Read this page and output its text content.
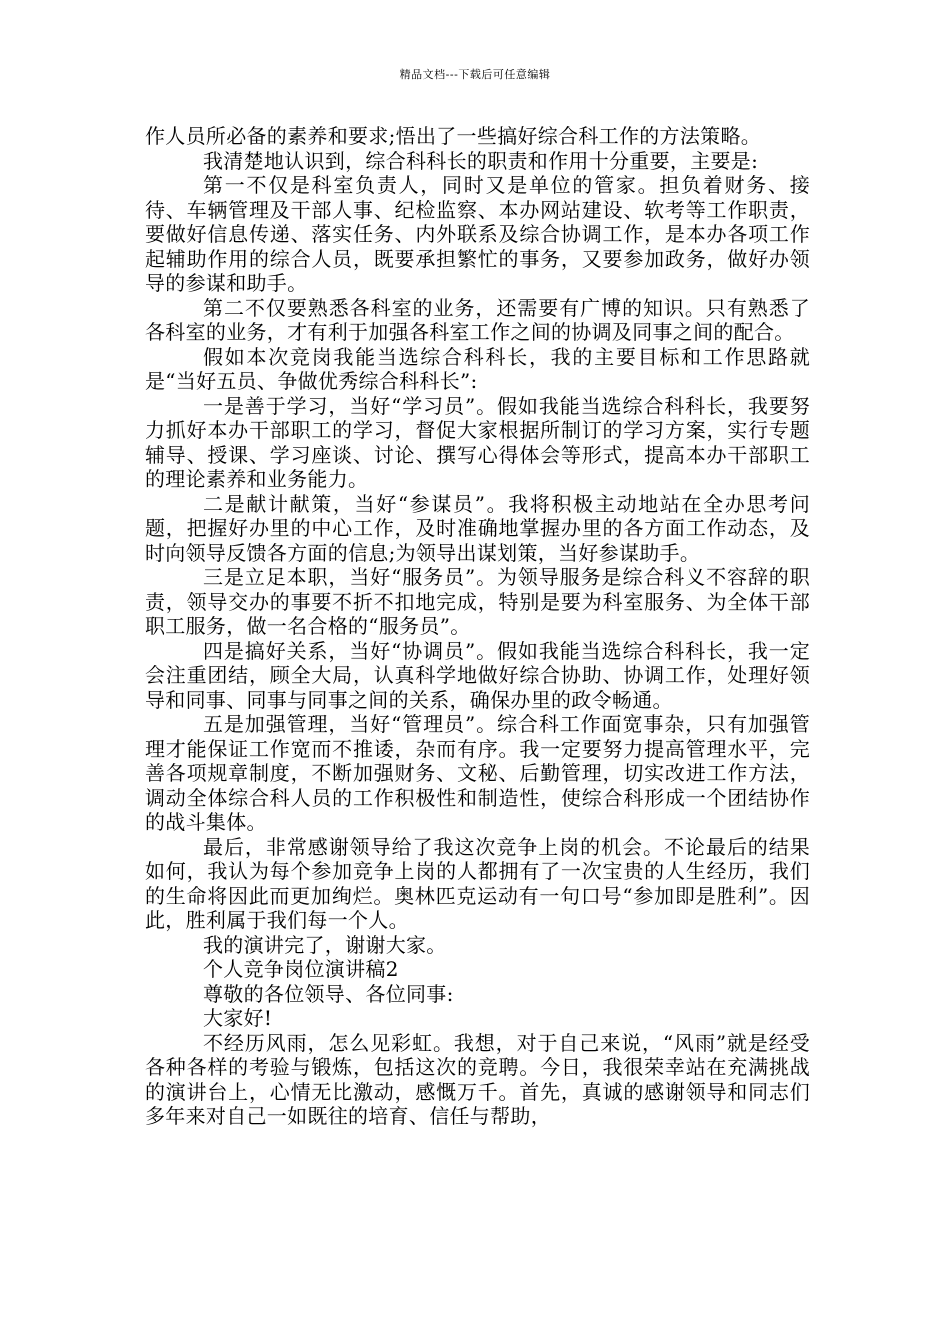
精品文档---下载后可任意编辑

作人员所必备的素养和要求;悟出了一些搞好综合科工作的方法策略。

我清楚地认识到，综合科科长的职责和作用十分重要，主要是:

第一不仅是科室负责人，同时又是单位的管家。担负着财务、接待、车辆管理及干部人事、纪检监察、本办网站建设、软考等工作职责，要做好信息传递、落实任务、内外联系及综合协调工作，是本办各项工作起辅助作用的综合人员，既要承担繁忙的事务，又要参加政务，做好办领导的参谋和助手。

第二不仅要熟悉各科室的业务，还需要有广博的知识。只有熟悉了各科室的业务，才有利于加强各科室工作之间的协调及同事之间的配合。

假如本次竞岗我能当选综合科科长，我的主要目标和工作思路就是“当好五员、争做优秀综合科科长”:

一是善于学习，当好“学习员”。假如我能当选综合科科长，我要努力抓好本办干部职工的学习，督促大家根据所制订的学习方案，实行专题辅导、授课、学习座谈、讨论、撰写心得体会等形式，提高本办干部职工的理论素养和业务能力。

二是献计献策，当好“参谋员”。我将积极主动地站在全办思考问题，把握好办里的中心工作，及时准确地掌握办里的各方面工作动态，及时向领导反馈各方面的信息;为领导出谋划策，当好参谋助手。

三是立足本职，当好“服务员”。为领导服务是综合科义不容辞的职责，领导交办的事要不折不扣地完成，特别是要为科室服务、为全体干部职工服务，做一名合格的“服务员”。

四是搞好关系，当好“协调员”。假如我能当选综合科科长，我一定会注重团结，顾全大局，认真科学地做好综合协助、协调工作，处理好领导和同事、同事与同事之间的关系，确保办里的政令畅通。

五是加强管理，当好“管理员”。综合科工作面宽事杂，只有加强管理才能保证工作宽而不推诿，杂而有序。我一定要努力提高管理水平，完善各项规章制度，不断加强财务、文秘、后勤管理，切实改进工作方法，调动全体综合科人员的工作积极性和制造性，使综合科形成一个团结协作的战斗集体。

最后，非常感谢领导给了我这次竞争上岗的机会。不论最后的结果如何，我认为每个参加竞争上岗的人都拥有了一次宝贵的人生经历，我们的生命将因此而更加绚烂。奥林匹克运动有一句口号“参加即是胜利”。因此，胜利属于我们每一个人。

我的演讲完了，谢谢大家。

个人竞争岗位演讲稿2

尊敬的各位领导、各位同事:

大家好!

不经历风雨，怎么见彩虹。我想，对于自己来说，“风雨”就是经受各种各样的考验与锻炼，包括这次的竞聘。今日，我很荣幸站在充满挑战的演讲台上，心情无比激动，感慨万千。首先，真诚的感谢领导和同志们多年来对自己一如既往的培育、信任与帮助，
